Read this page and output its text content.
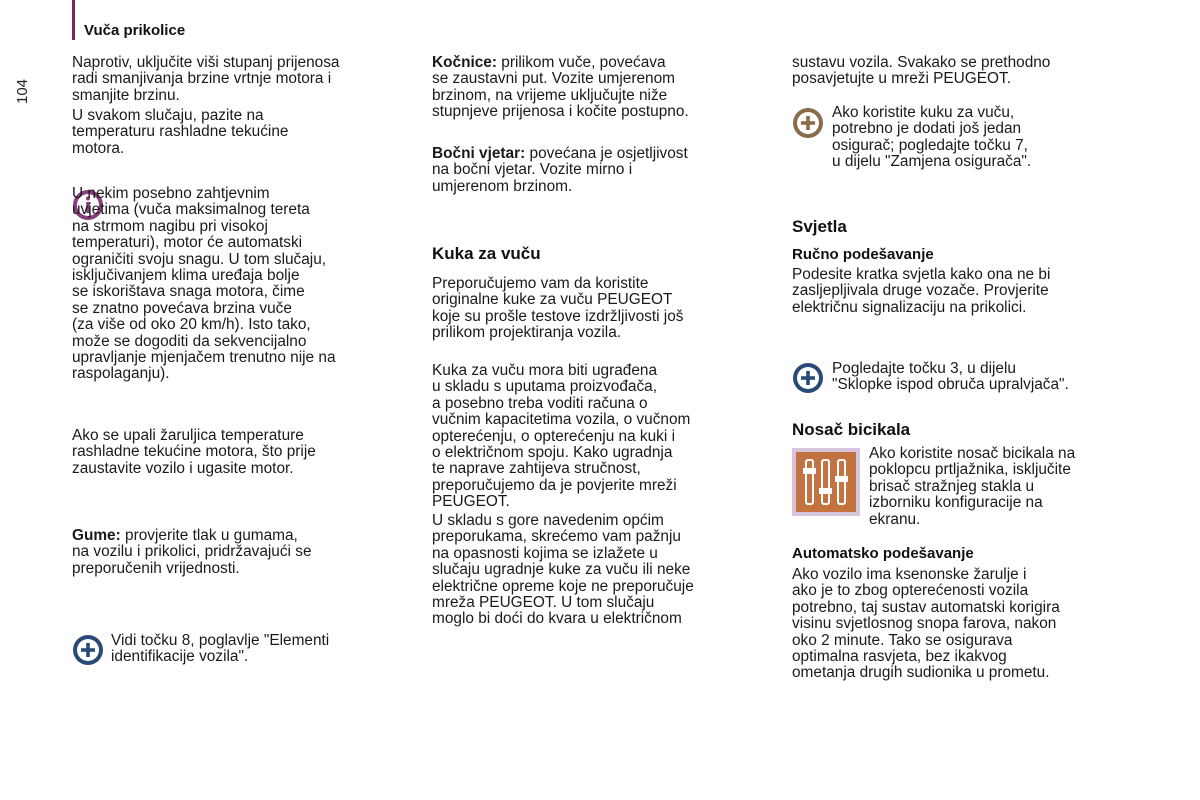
104
Vuča prikolice

Naprotiv, uključite viši stupanj prijenosa
radi smanjivanja brzine vrtnje motora i
smanjite brzinu.

U svakom slučaju, pazite na
temperaturu rashladne tekućine
motora.

U nekim posebno zahtjevnim
uvjetima (vuča maksimalnog tereta
na strmom nagibu pri visokoj
temperaturi), motor će automatski
ograničiti svoju snagu. U tom slučaju,
isključivanjem klima uređaja bolje
se iskorištava snaga motora, čime
se znatno povećava brzina vuče
(za više od oko 20 km/h). Isto tako,
može se dogoditi da sekvencijalno
upravljanje mjenjačem trenutno nije na
raspolaganju).

Ako se upali žaruljica temperature
rashladne tekućine motora, što prije
zaustavite vozilo i ugasite motor.

Gume: provjerite tlak u gumama,
na vozilu i prikolici, pridržavajući se
preporučenih vrijednosti.

Vidi točku 8, poglavlje "Elementi
identifikacije vozila".

Kočnice: prilikom vuče, povećava
se zaustavni put. Vozite umjerenom
brzinom, na vrijeme uključujte niže
stupnjeve prijenosa i kočite postupno.

Bočni vjetar: povećana je osjetljivost
na bočni vjetar. Vozite mirno i
umjerenom brzinom.

Kuka za vuču

Preporučujemo vam da koristite
originalne kuke za vuču PEUGEOT
koje su prošle testove izdržljivosti još
prilikom projektiranja vozila.

Kuka za vuču mora biti ugrađena
u skladu s uputama proizvođača,
a posebno treba voditi računa o
vučnim kapacitetima vozila, o vučnom
opterećenju, o opterećenju na kuki i
o električnom spoju. Kako ugradnja
te naprave zahtijeva stručnost,
preporučujemo da je povjerite mreži
PEUGEOT.

U skladu s gore navedenim općim
preporukama, skrećemo vam pažnju
na opasnosti kojima se izlažete u
slučaju ugradnje kuke za vuču ili neke
električne opreme koje ne preporučuje
mreža PEUGEOT. U tom slučaju
moglo bi doći do kvara u električnom

sustavu vozila. Svakako se prethodno
posavjetujte u mreži PEUGEOT.

Ako koristite kuku za vuču,
potrebno je dodati još jedan
osigurač; pogledajte točku 7,
u dijelu "Zamjena osigurača".

Svjetla
Ručno podešavanje

Podesite kratka svjetla kako ona ne bi
zasljepljivala druge vozače. Provjerite
električnu signalizaciju na prikolici.

Pogledajte točku 3, u dijelu
"Sklopke ispod obruča upralvjača".

Nosač bicikala

Ako koristite nosač bicikala na
poklopcu prtljažnika, isključite
brisač stražnjeg stakla u
izborniku konfiguracije na
ekranu.

Automatsko podešavanje

Ako vozilo ima ksenonske žarulje i
ako je to zbog opterećenosti vozila
potrebno, taj sustav automatski korigira
visinu svjetlosnog snopa farova, nakon
oko 2 minute. Tako se osigurava
optimalna rasvjeta, bez ikakvog
ometanja drugih sudionika u prometu.
